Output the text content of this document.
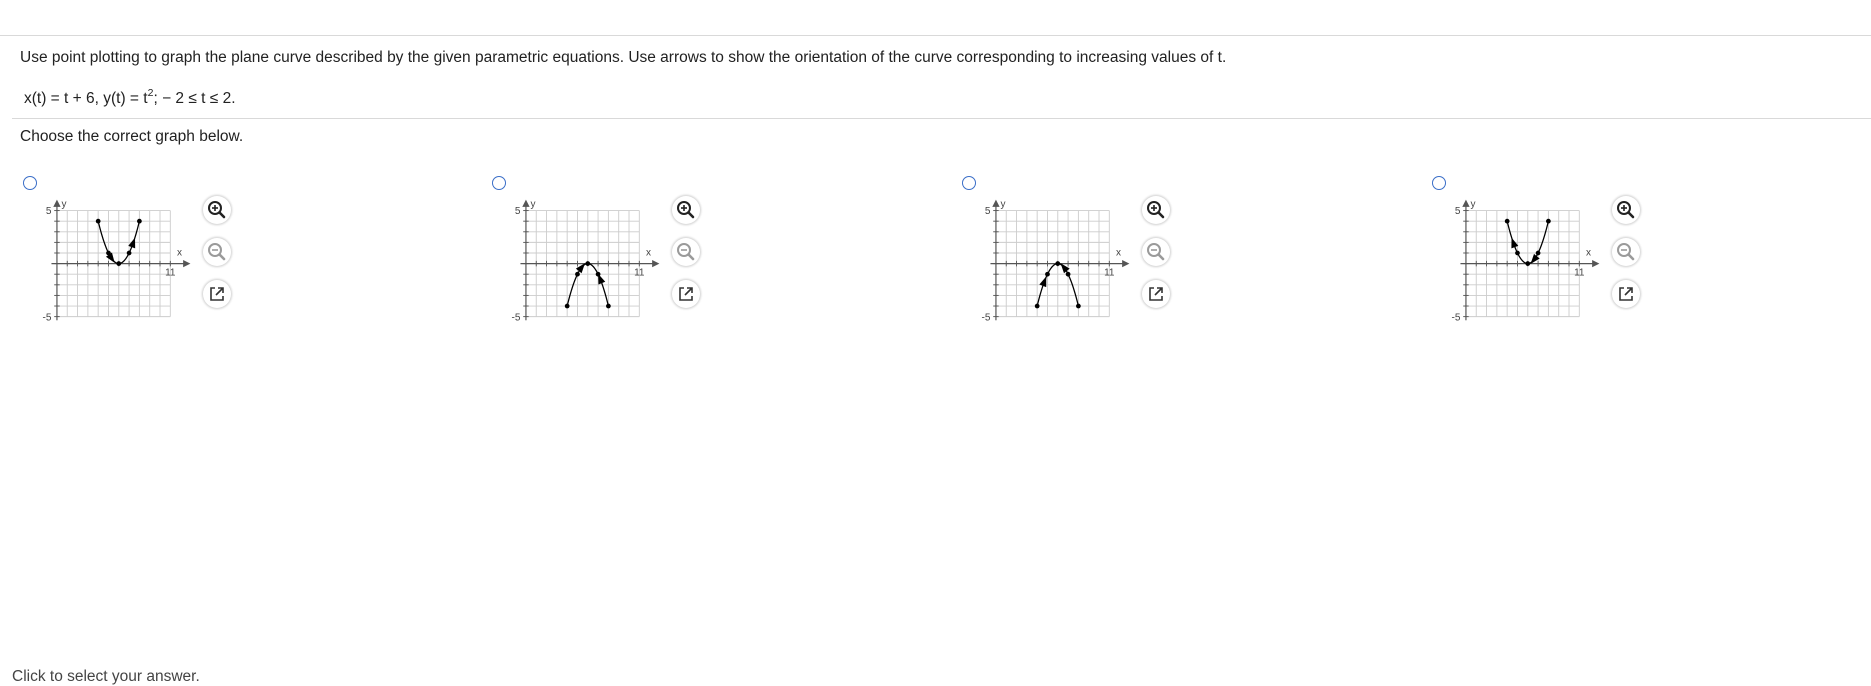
Use point plotting to graph the plane curve described by the given parametric equations. Use arrows to show the orientation of the curve corresponding to increasing values of t.
x(t) = t + 6, $y(t) = t^2$; − 2 ≤ t ≤ 2.
Choose the correct graph below.
y
5
-5
x
11
y
5
-5
x
11
y
5
-5
x
11
y
5
-5
x
11
Click to select your answer.
